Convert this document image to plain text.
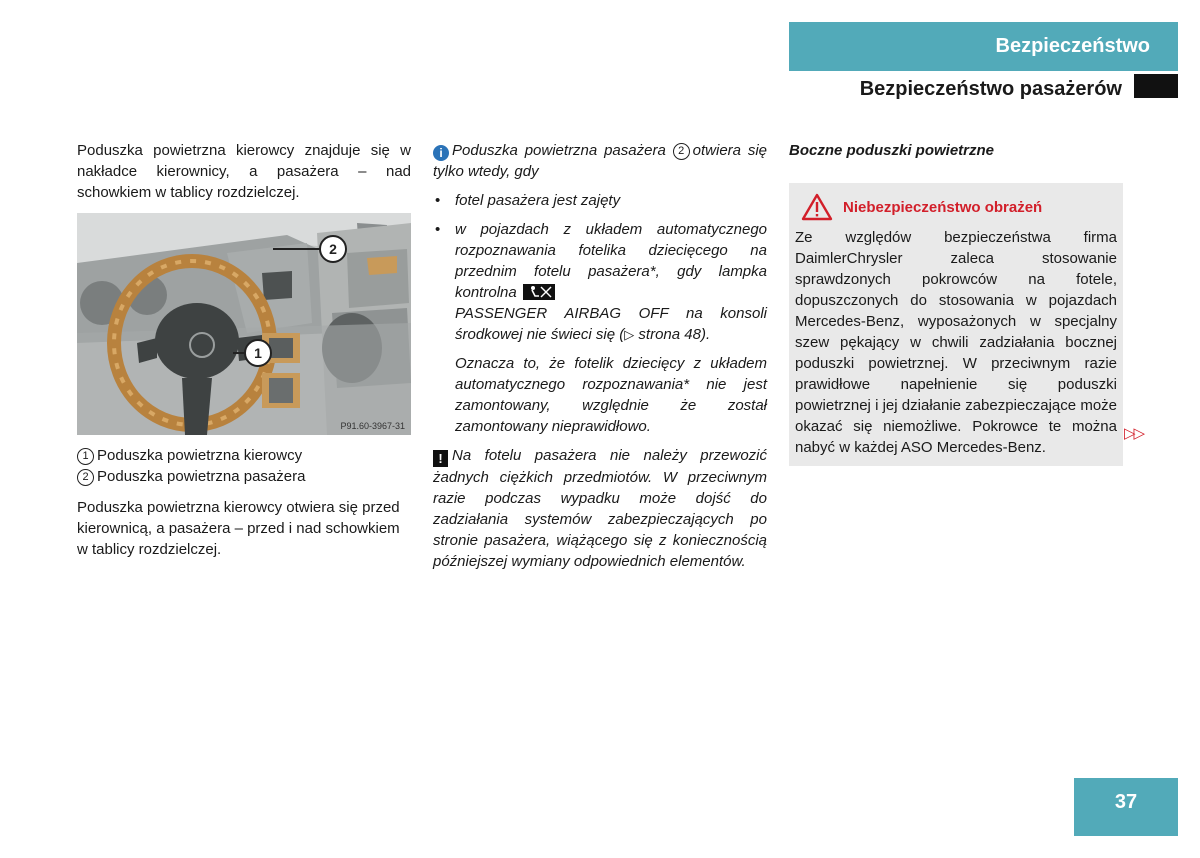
Bezpieczeństwo
Bezpieczeństwo pasażerów

Poduszka powietrzna kierowcy znajduje się w nakładce kierownicy, a pasażera – nad schowkiem w tablicy rozdzielczej.

2
1
P91.60-3967-31

1 Poduszka powietrzna kierowcy

2 Poduszka powietrzna pasażera

Poduszka powietrzna kierowcy otwiera się przed kierownicą, a pasażera – przed i nad schowkiem w tablicy rozdzielczej.

i Poduszka powietrzna pasażera 2 otwiera się tylko wtedy, gdy

• fotel pasażera jest zajęty
• w pojazdach z układem automatycznego rozpoznawania fotelika dziecięcego na przednim fotelu pasażera*, gdy lampka kontrolna

PASSENGER AIRBAG OFF na konsoli środkowej nie świeci się (▷ strona 48).

Oznacza to, że fotelik dziecięcy z układem automatycznego rozpoznawania* nie jest zamontowany, względnie że został zamontowany nieprawidłowo.

! Na fotelu pasażera nie należy przewozić żadnych ciężkich przedmiotów. W przeciwnym razie podczas wypadku może dojść do zadziałania systemów zabezpieczających po stronie pasażera, wiążącego się z koniecznością późniejszej wymiany odpowiednich elementów.

Boczne poduszki powietrzne

Niebezpieczeństwo obrażeń

Ze względów bezpieczeństwa firma DaimlerChrysler zaleca stosowanie sprawdzonych pokrowców na fotele, dopuszczonych do stosowania w pojazdach Mercedes-Benz, wyposażonych w specjalny szew pękający w chwili zadziałania bocznej poduszki powietrznej. W przeciwnym razie prawidłowe napełnienie się poduszki powietrznej i jej działanie zabezpieczające może okazać się niemożliwe. Pokrowce te można nabyć w każdej ASO Mercedes-Benz.

▷▷
37
